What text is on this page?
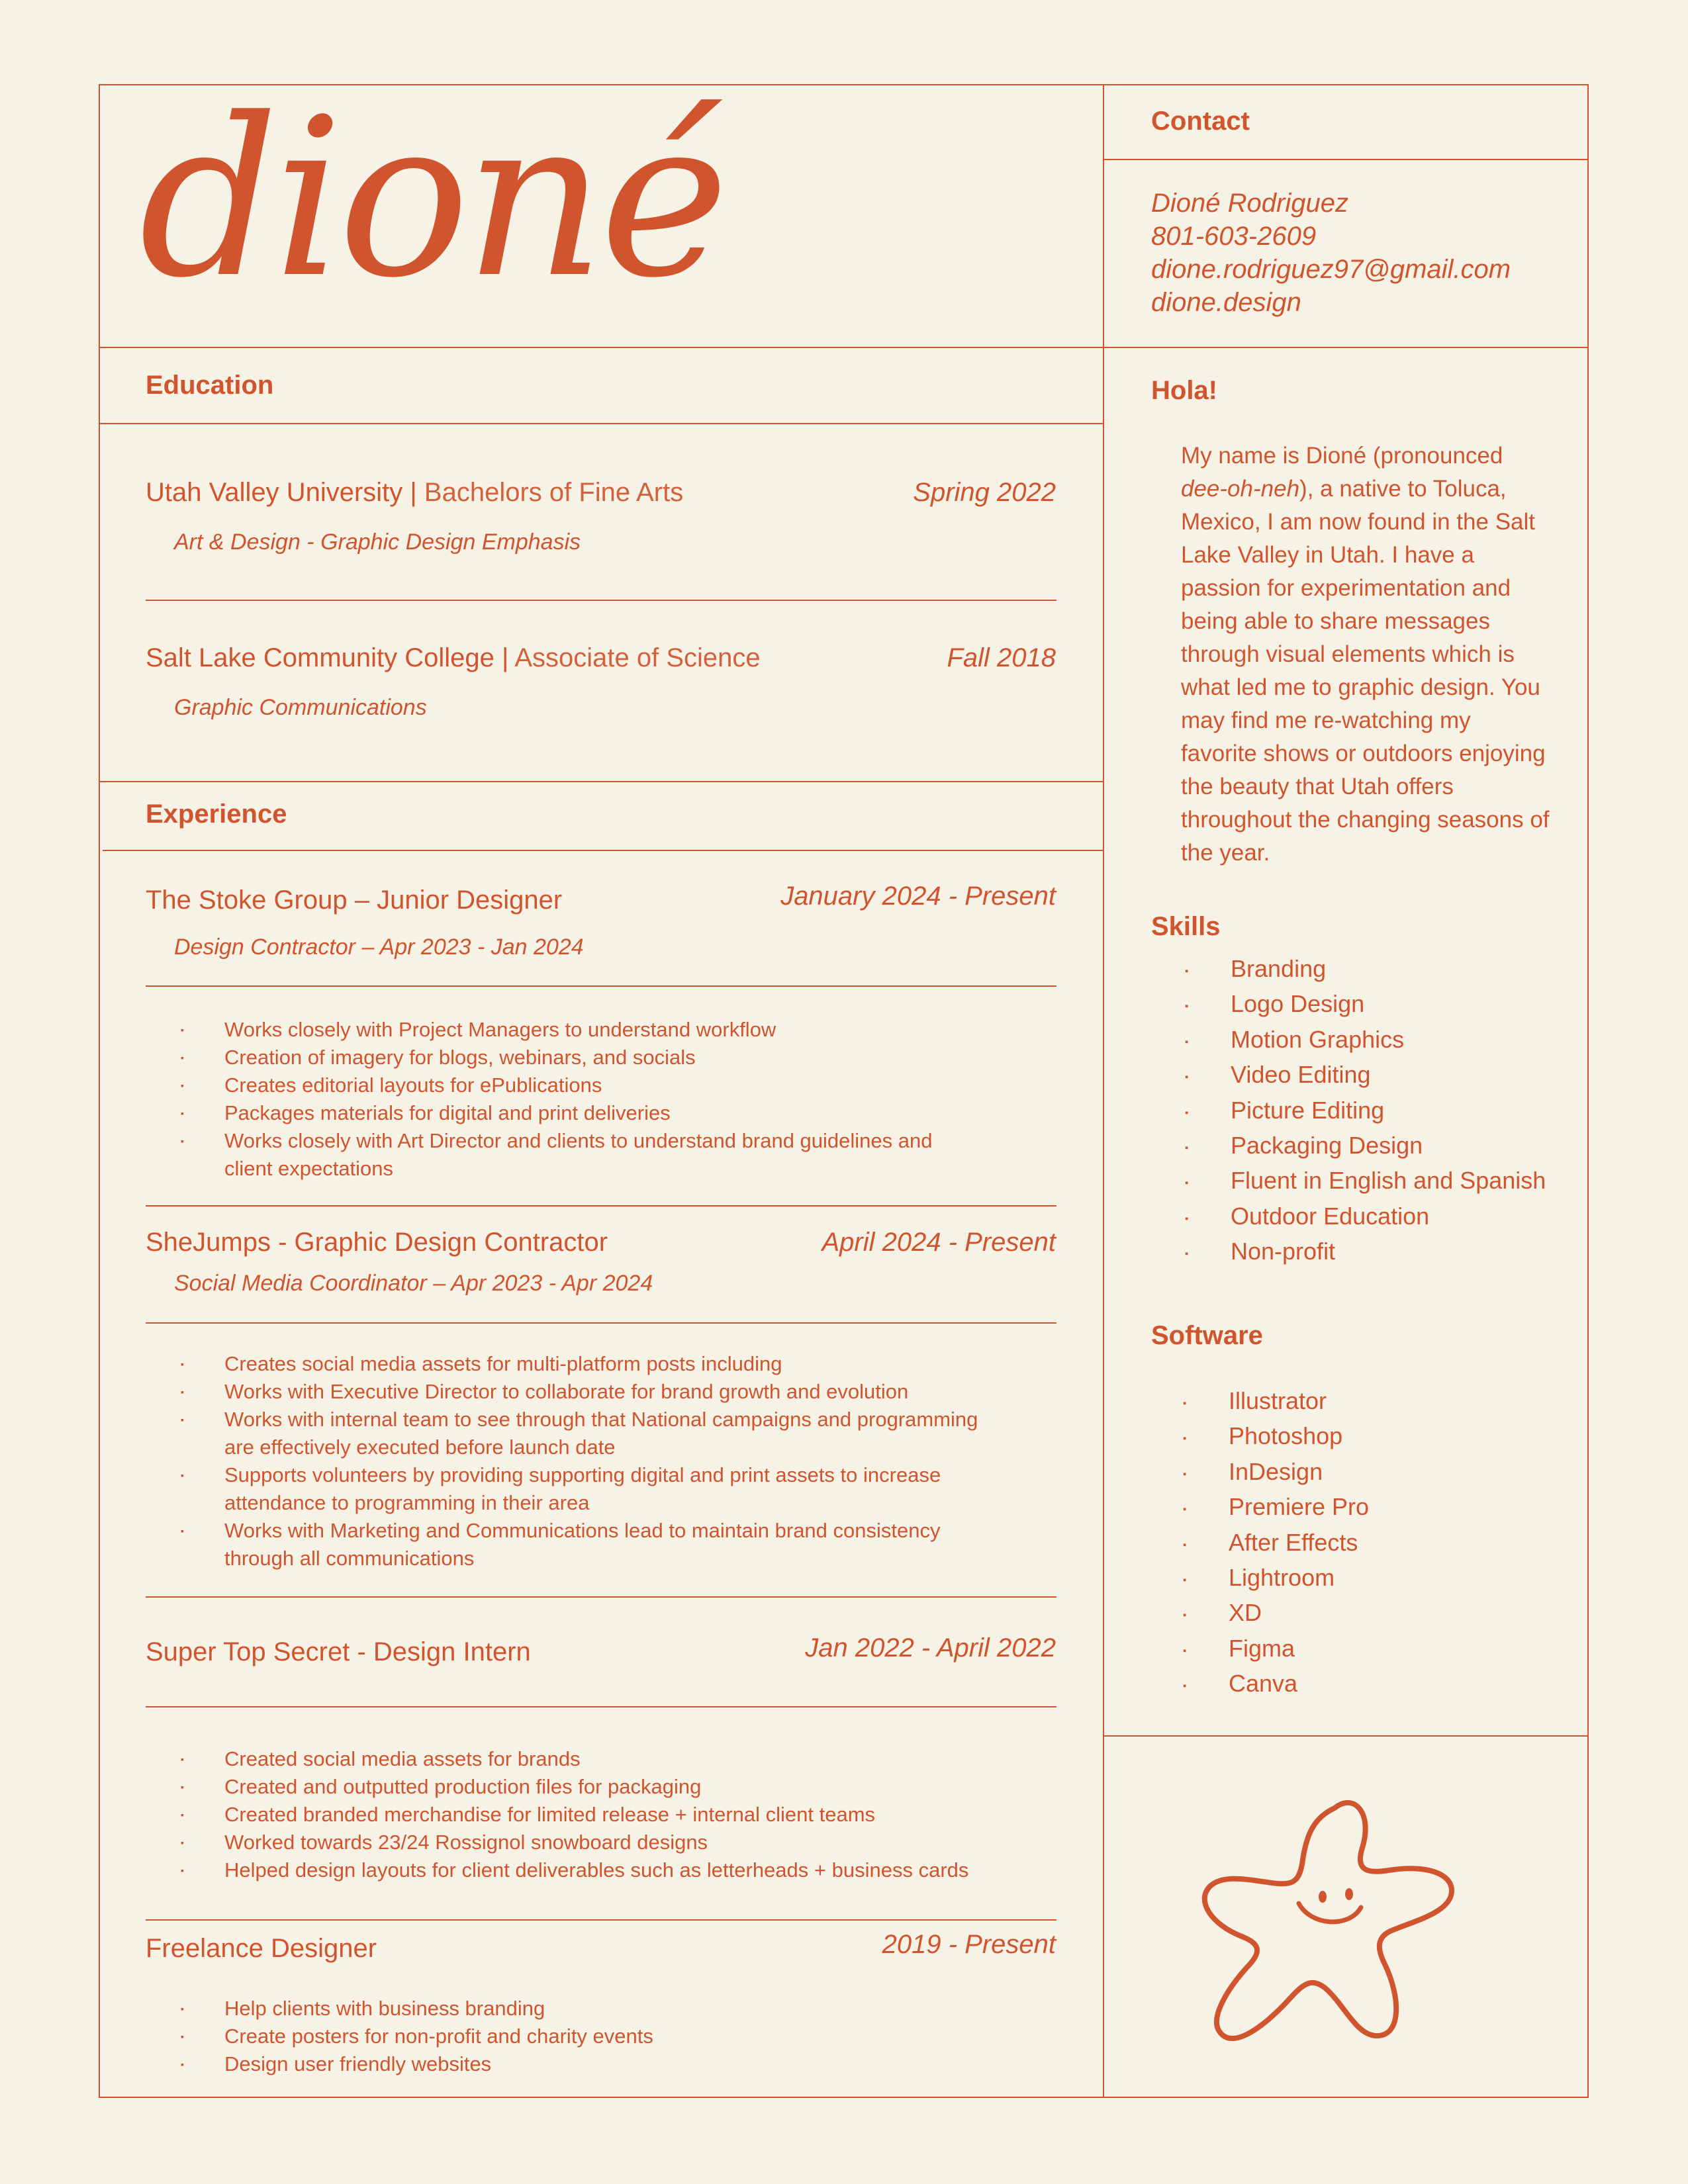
dioné	Contact
Dioné Rodriguez
801-603-2609
dione.rodriguez97@gmail.com
dione.design
Education
Utah Valley University | Bachelors of Fine Arts	Spring 2022
Art & Design - Graphic Design Emphasis
Salt Lake Community College | Associate of Science	Fall 2018
Graphic Communications
Experience
The Stoke Group – Junior Designer	January 2024 - Present
Design Contractor – Apr 2023 - Jan 2024
▪ Works closely with Project Managers to understand workflow
▪ Creation of imagery for blogs, webinars, and socials
▪ Creates editorial layouts for ePublications
▪ Packages materials for digital and print deliveries
▪ Works closely with Art Director and clients to understand brand guidelines and client expectations
SheJumps - Graphic Design Contractor	April 2024 - Present
Social Media Coordinator – Apr 2023 - Apr 2024
▪ Creates social media assets for multi-platform posts including
▪ Works with Executive Director to collaborate for brand growth and evolution
▪ Works with internal team to see through that National campaigns and programming are effectively executed before launch date
▪ Supports volunteers by providing supporting digital and print assets to increase attendance to programming in their area
▪ Works with Marketing and Communications lead to maintain brand consistency through all communications
Super Top Secret - Design Intern	Jan 2022 - April 2022
▪ Created social media assets for brands
▪ Created and outputted production files for packaging
▪ Created branded merchandise for limited release + internal client teams
▪ Worked towards 23/24 Rossignol snowboard designs
▪ Helped design layouts for client deliverables such as letterheads + business cards
Freelance Designer	2019 - Present
▪ Help clients with business branding
▪ Create posters for non-profit and charity events
▪ Design user friendly websites
Hola!
My name is Dioné (pronounced dee-oh-neh), a native to Toluca, Mexico, I am now found in the Salt Lake Valley in Utah. I have a passion for experimentation and being able to share messages through visual elements which is what led me to graphic design. You may find me re-watching my favorite shows or outdoors enjoying the beauty that Utah offers throughout the changing seasons of the year.
Skills
▪ Branding
▪ Logo Design
▪ Motion Graphics
▪ Video Editing
▪ Picture Editing
▪ Packaging Design
▪ Fluent in English and Spanish
▪ Outdoor Education
▪ Non-profit
Software
▪ Illustrator
▪ Photoshop
▪ InDesign
▪ Premiere Pro
▪ After Effects
▪ Lightroom
▪ XD
▪ Figma
▪ Canva
